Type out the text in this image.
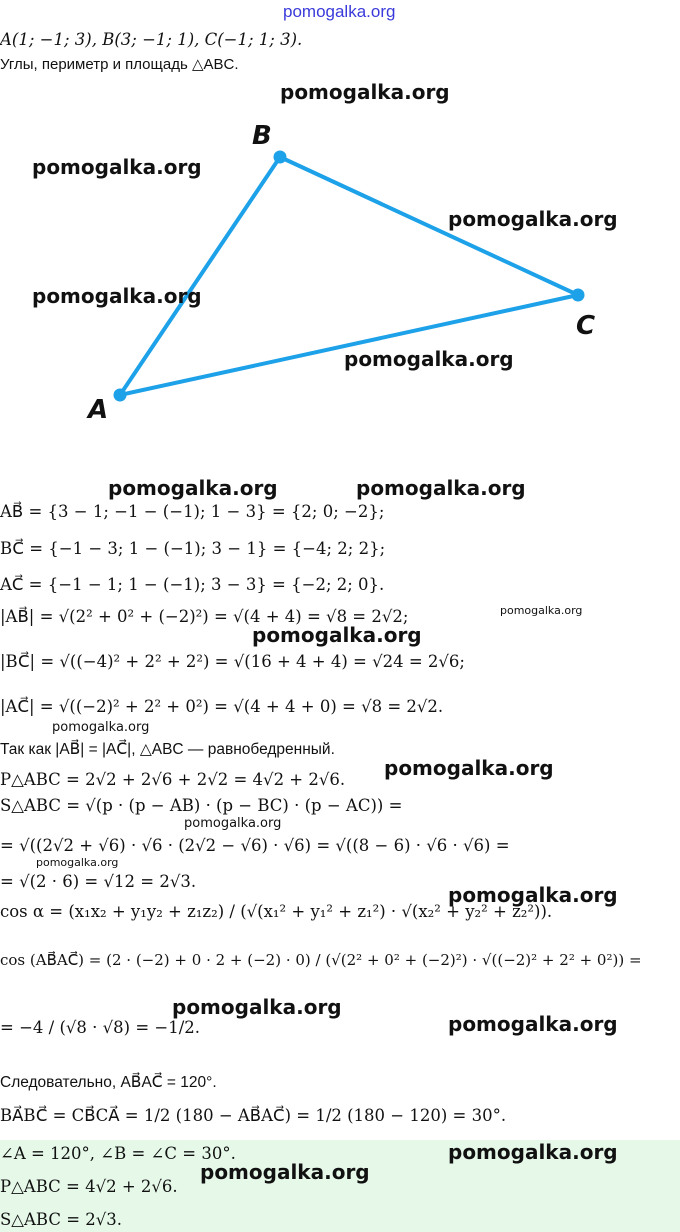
pomogalka.org
A(1; −1; 3), B(3; −1; 1), C(−1; 1; 3).
Углы, периметр и площадь △ABC.
B
C
A
pomogalka.org
pomogalka.org
pomogalka.org
pomogalka.org
pomogalka.org
pomogalka.org	pomogalka.org
pomogalka.org
pomogalka.org
pomogalka.org
pomogalka.org
pomogalka.org
pomogalka.org
pomogalka.org
pomogalka.org
pomogalka.org
AB⃗ = {3 − 1; −1 − (−1); 1 − 3} = {2; 0; −2};
BC⃗ = {−1 − 3; 1 − (−1); 3 − 1} = {−4; 2; 2};
AC⃗ = {−1 − 1; 1 − (−1); 3 − 3} = {−2; 2; 0}.
|AB⃗| = √(2² + 0² + (−2)²) = √(4 + 4) = √8 = 2√2;
|BC⃗| = √((−4)² + 2² + 2²) = √(16 + 4 + 4) = √24 = 2√6;
|AC⃗| = √((−2)² + 2² + 0²) = √(4 + 4 + 0) = √8 = 2√2.
Так как |AB⃗| = |AC⃗|, △ABC — равнобедренный.
P△ABC = 2√2 + 2√6 + 2√2 = 4√2 + 2√6.
S△ABC = √(p · (p − AB) · (p − BC) · (p − AC)) =
= √((2√2 + √6) · √6 · (2√2 − √6) · √6) = √((8 − 6) · √6 · √6) =
= √(2 · 6) = √12 = 2√3.
cos α = (x₁x₂ + y₁y₂ + z₁z₂) / (√(x₁² + y₁² + z₁²) · √(x₂² + y₂² + z₂²)).
cos (AB⃗AC⃗) = (2 · (−2) + 0 · 2 + (−2) · 0) / (√(2² + 0² + (−2)²) · √((−2)² + 2² + 0²)) =
= −4 / (√8 · √8) = −1/2.
Следовательно, AB⃗AC⃗ = 120°.
BA⃗BC⃗ = CB⃗CA⃗ = 1/2 (180 − AB⃗AC⃗) = 1/2 (180 − 120) = 30°.
∠A = 120°, ∠B = ∠C = 30°.
P△ABC = 4√2 + 2√6.
S△ABC = 2√3.
pomogalka.org
pomogalka.org
